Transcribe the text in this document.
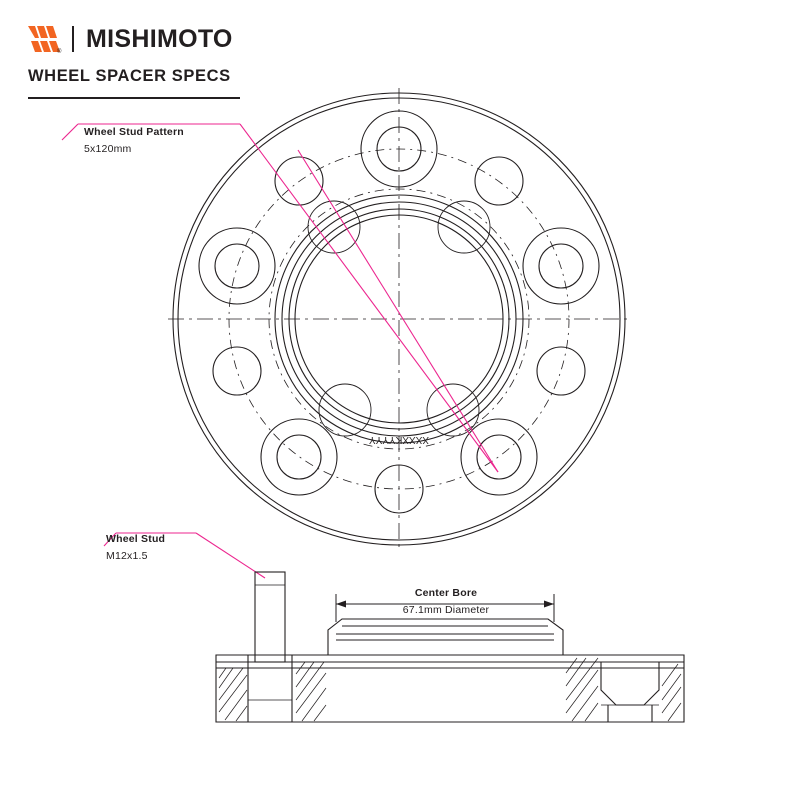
® MISHIMOTO
WHEEL SPACER SPECS
XXXXKYYYY
Wheel Stud Pattern
5x120mm
Wheel Stud
M12x1.5
Center Bore
67.1mm Diameter
